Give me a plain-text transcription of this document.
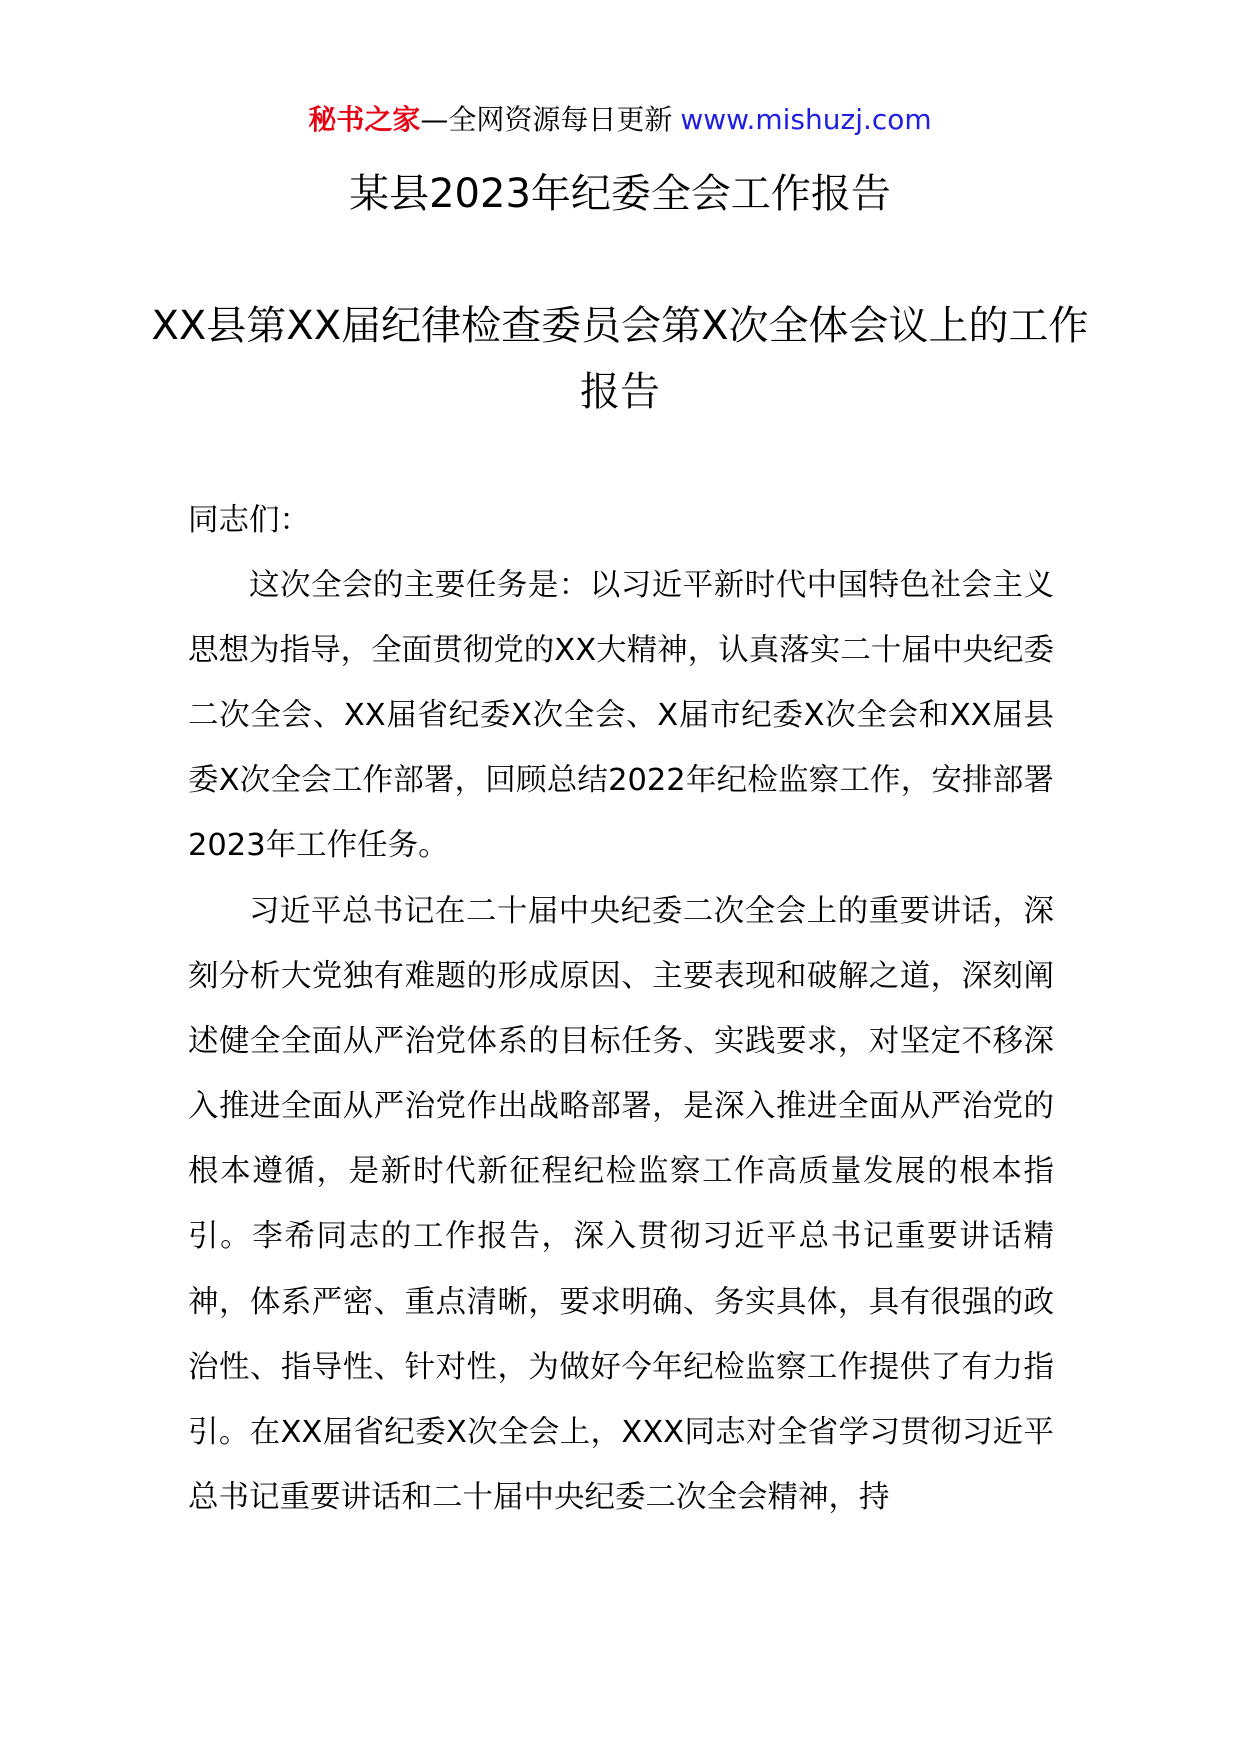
秘书之家—全网资源每日更新 www.mishuzj.com
某县2023年纪委全会工作报告
XX县第XX届纪律检查委员会第X次全体会议上的工作报告
同志们：
这次全会的主要任务是：以习近平新时代中国特色社会主义思想为指导，全面贯彻党的XX大精神，认真落实二十届中央纪委二次全会、XX届省纪委X次全会、X届市纪委X次全会和XX届县委X次全会工作部署，回顾总结2022年纪检监察工作，安排部署2023年工作任务。
习近平总书记在二十届中央纪委二次全会上的重要讲话，深刻分析大党独有难题的形成原因、主要表现和破解之道，深刻阐述健全全面从严治党体系的目标任务、实践要求，对坚定不移深入推进全面从严治党作出战略部署，是深入推进全面从严治党的根本遵循，是新时代新征程纪检监察工作高质量发展的根本指引。李希同志的工作报告，深入贯彻习近平总书记重要讲话精神，体系严密、重点清晰，要求明确、务实具体，具有很强的政治性、指导性、针对性，为做好今年纪检监察工作提供了有力指引。在XX届省纪委X次全会上，XXX同志对全省学习贯彻习近平总书记重要讲话和二十届中央纪委二次全会精神，持
